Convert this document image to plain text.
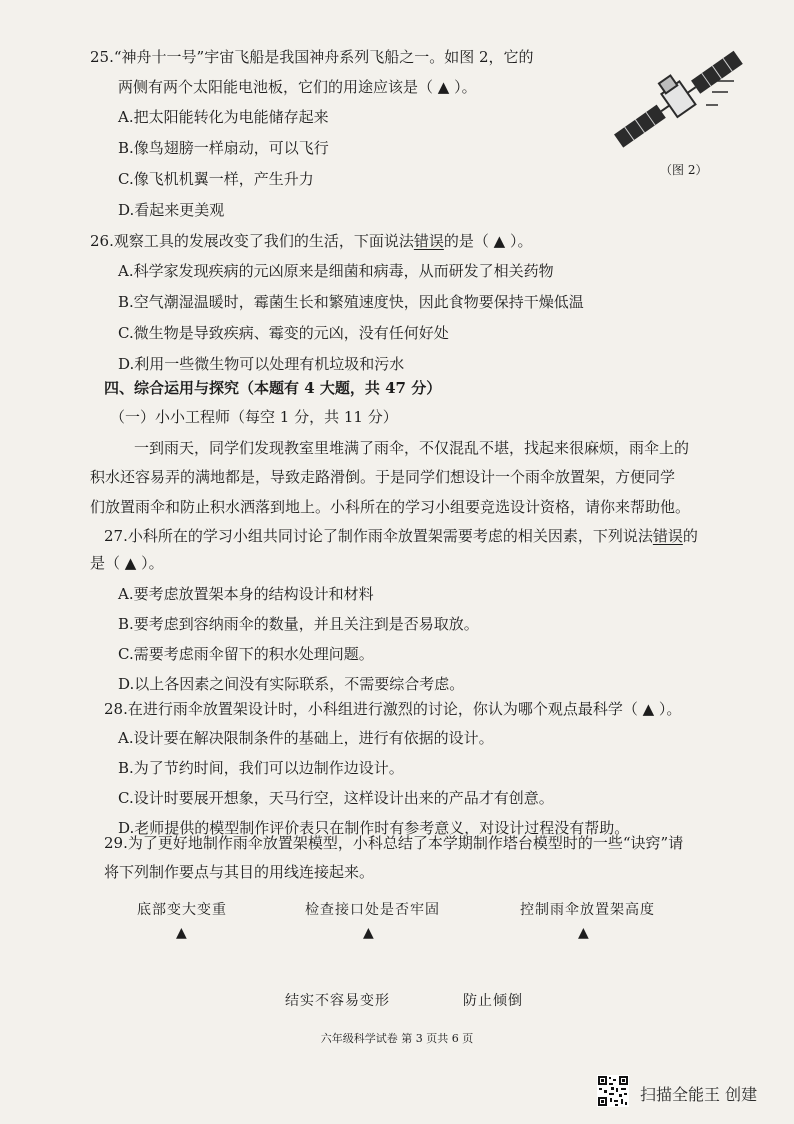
25.“神舟十一号”宇宙飞船是我国神舟系列飞船之一。如图 2，它的
两侧有两个太阳能电池板，它们的用途应该是（ ▲ ）。
A.把太阳能转化为电能储存起来
B.像鸟翅膀一样扇动，可以飞行
C.像飞机机翼一样，产生升力
D.看起来更美观
（图 2）
26.观察工具的发展改变了我们的生活，下面说法错误的是（ ▲ ）。
A.科学家发现疾病的元凶原来是细菌和病毒，从而研发了相关药物
B.空气潮湿温暖时，霉菌生长和繁殖速度快，因此食物要保持干燥低温
C.微生物是导致疾病、霉变的元凶，没有任何好处
D.利用一些微生物可以处理有机垃圾和污水
四、综合运用与探究（本题有 4 大题，共 47 分）
（一）小小工程师（每空 1 分，共 11 分）
一到雨天，同学们发现教室里堆满了雨伞，不仅混乱不堪，找起来很麻烦，雨伞上的
积水还容易弄的满地都是，导致走路滑倒。于是同学们想设计一个雨伞放置架，方便同学
们放置雨伞和防止积水洒落到地上。小科所在的学习小组要竞选设计资格，请你来帮助他。
27.小科所在的学习小组共同讨论了制作雨伞放置架需要考虑的相关因素，下列说法错误的
是（ ▲ ）。
A.要考虑放置架本身的结构设计和材料
B.要考虑到容纳雨伞的数量，并且关注到是否易取放。
C.需要考虑雨伞留下的积水处理问题。
D.以上各因素之间没有实际联系，不需要综合考虑。
28.在进行雨伞放置架设计时，小科组进行激烈的讨论，你认为哪个观点最科学（ ▲ ）。
A.设计要在解决限制条件的基础上，进行有依据的设计。
B.为了节约时间，我们可以边制作边设计。
C.设计时要展开想象，天马行空，这样设计出来的产品才有创意。
D.老师提供的模型制作评价表只在制作时有参考意义，对设计过程没有帮助。
29.为了更好地制作雨伞放置架模型，小科总结了本学期制作塔台模型时的一些“诀窍”请
将下列制作要点与其目的用线连接起来。
底部变大变重	检查接口处是否牢固	控制雨伞放置架高度
▲	▲	▲
结实不容易变形	防止倾倒
六年级科学试卷 第 3 页共 6 页
扫描全能王 创建
